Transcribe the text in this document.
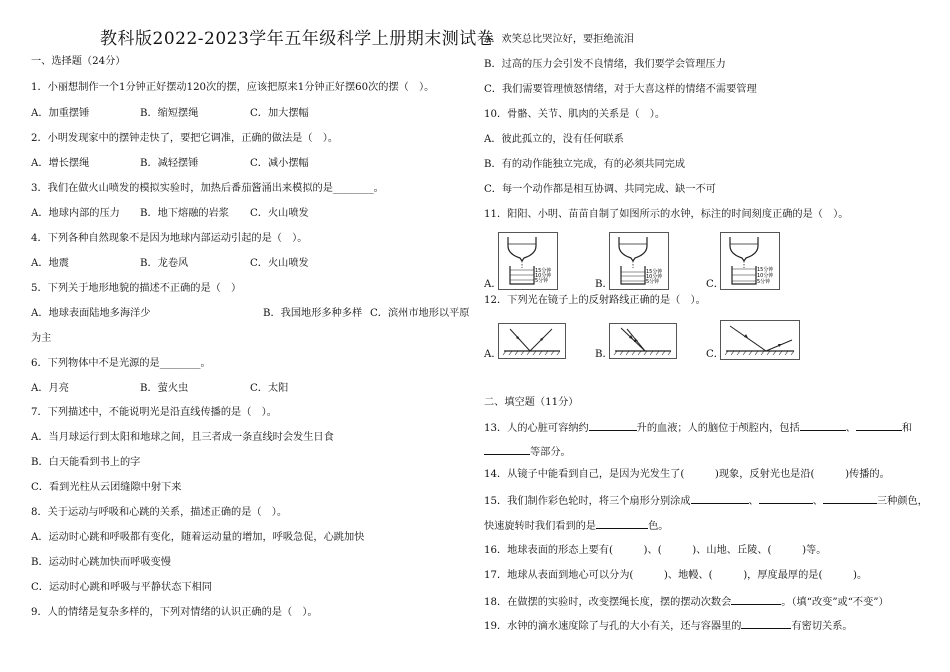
教科版2022-2023学年五年级科学上册期末测试卷
一、选择题（24分）
1．小丽想制作一个1分钟正好摆动120次的摆，应该把原来1分钟正好摆60次的摆（　）。
A．加重摆锤	B．缩短摆绳	C．加大摆幅
2．小明发现家中的摆钟走快了，要把它调准，正确的做法是（　）。
A．增长摆绳	B．减轻摆锤	C．减小摆幅
3．我们在做火山喷发的模拟实验时，加热后番茄酱涌出来模拟的是________。
A．地球内部的压力 B．地下熔融的岩浆 C．火山喷发
4．下列各种自然现象不是因为地球内部运动引起的是（　）。
A．地震	B．龙卷风	C．火山喷发
5．下列关于地形地貌的描述不正确的是（　）
A．地球表面陆地多海洋少	B．我国地形多种多样 C．滨州市地形以平原
为主
6．下列物体中不是光源的是________。
A．月亮	B．萤火虫	C．太阳
7．下列描述中，不能说明光是沿直线传播的是（　）。
A．当月球运行到太阳和地球之间，且三者成一条直线时会发生日食
B．白天能看到书上的字
C．看到光柱从云团缝隙中射下来
8．关于运动与呼吸和心跳的关系，描述正确的是（　）。
A．运动时心跳和呼吸都有变化，随着运动量的增加，呼吸急促，心跳加快
B．运动时心跳加快而呼吸变慢
C．运动时心跳和呼吸与平静状态下相同
9．人的情绪是复杂多样的，下列对情绪的认识正确的是（　）。
A．欢笑总比哭泣好，要拒绝流泪
B．过高的压力会引发不良情绪，我们要学会管理压力
C．我们需要管理愤怒情绪，对于大喜这样的情绪不需要管理
10．骨骼、关节、肌肉的关系是（　）。
A．彼此孤立的，没有任何联系
B．有的动作能独立完成，有的必须共同完成
C．每一个动作都是相互协调、共同完成、缺一不可
11．阳阳、小明、苗苗自制了如图所示的水钟，标注的时间刻度正确的是（　）。
A．
15分钟
10分钟
5分钟	B．
15分钟
10分钟
5分钟	C．
15分钟
10分钟
5分钟
12．下列光在镜子上的反射路线正确的是（　）。
A．	B．	C．
二、填空题（11分）
13．人的心脏可容纳约	升的血液；人的脑位于颅腔内，包括	、	和
等部分。
14．从镜子中能看到自己，是因为光发生了(　　　)现象，反射光也是沿(　　　)传播的。
15．我们制作彩色轮时，将三个扇形分别涂成	、	、	三种颜色，
快速旋转时我们看到的是	色。
16．地球表面的形态上要有(　　　)、(　　　)、山地、丘陵、(　　　)等。
17．地球从表面到地心可以分为(　　　)、地幔、(　　　)，厚度最厚的是(　　　)。
18．在做摆的实验时，改变摆绳长度，摆的摆动次数会	。（填“改变”或“不变”）
19．水钟的滴水速度除了与孔的大小有关，还与容器里的	有密切关系。
